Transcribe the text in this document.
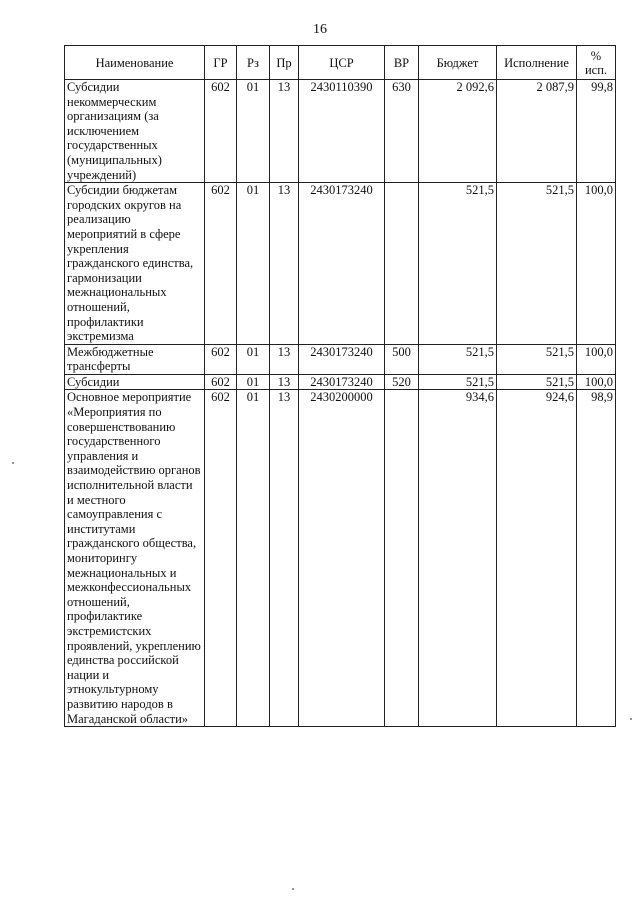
16
Наименование	ГР	Рз	Пр	ЦСР	ВР	Бюджет	Исполнение	%
исп.
Субсидии некоммерческим организациям (за исключением государственных (муниципальных) учреждений)	602	01	13	2430110390	630	2 092,6	2 087,9	99,8
Субсидии бюджетам городских округов на реализацию мероприятий в сфере укрепления гражданского единства, гармонизации межнациональных отношений, профилактики экстремизма	602	01	13	2430173240		521,5	521,5	100,0
Межбюджетные трансферты	602	01	13	2430173240	500	521,5	521,5	100,0
Субсидии	602	01	13	2430173240	520	521,5	521,5	100,0
Основное мероприятие «Мероприятия по совершенствованию государственного управления и взаимодействию органов исполнительной власти и местного самоуправления с институтами гражданского общества, мониторингу межнациональных и межконфессиональных отношений, профилактике экстремистских проявлений, укреплению единства российской нации и этнокультурному развитию народов в Магаданской области»	602	01	13	2430200000		934,6	924,6	98,9
